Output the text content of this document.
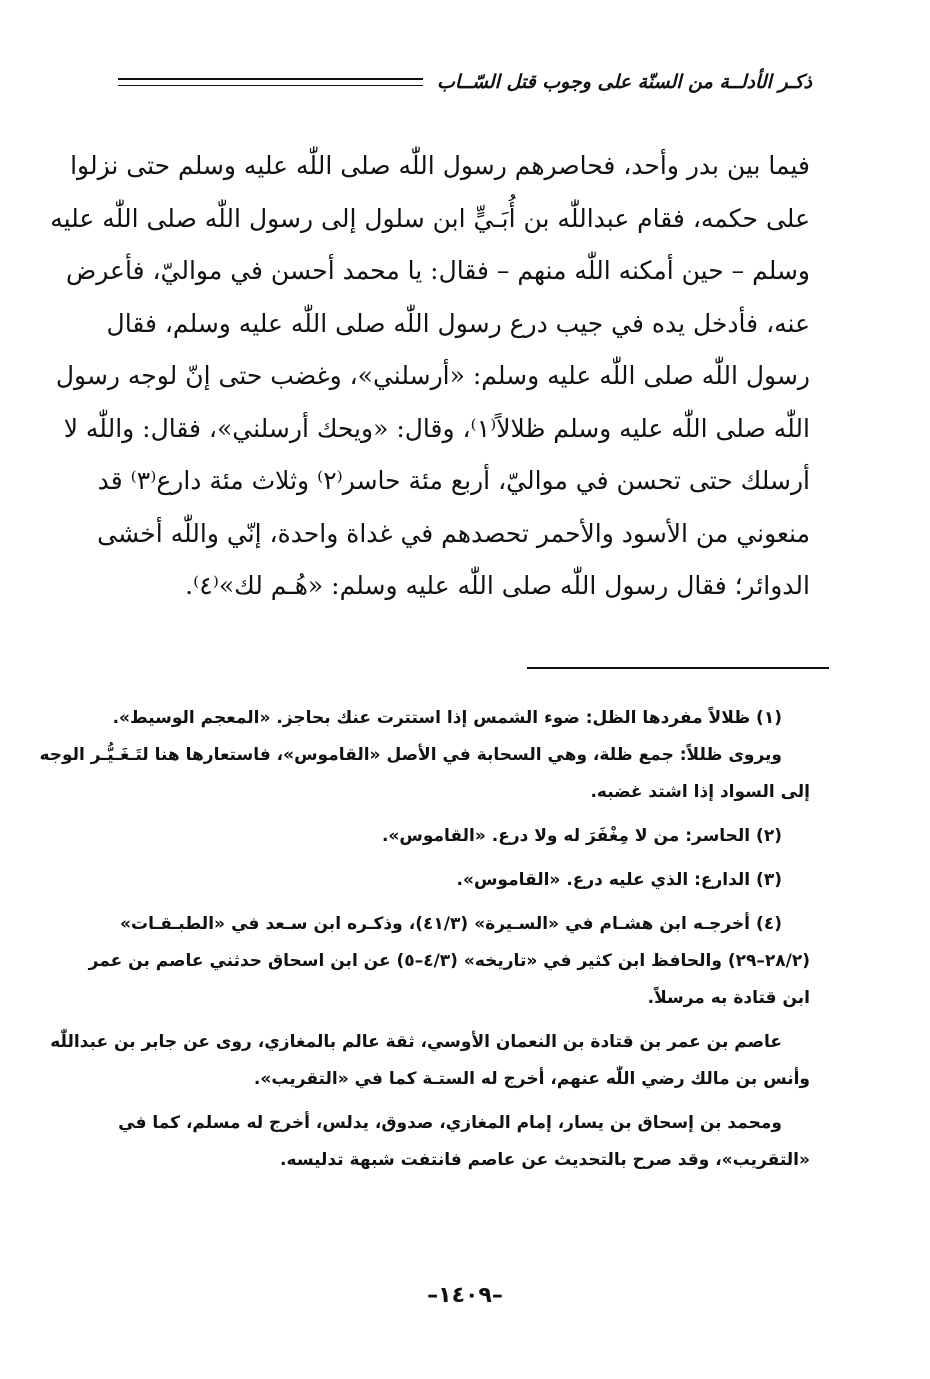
ذكـر الأدلــة من السنّة على وجوب قتل السّــاب
فيما بين بدر وأحد، فحاصرهم رسول اللّٰه صلى اللّٰه عليه وسلم حتى نزلوا
على حكمه، فقام عبداللّٰه بن أُبَـيٍّ ابن سلول إلى رسول اللّٰه صلى اللّٰه عليه
وسلم – حين أمكنه اللّٰه منهم – فقال: يا محمد أحسن في مواليّ، فأعرض
عنه، فأدخل يده في جيب درع رسول اللّٰه صلى اللّٰه عليه وسلم، فقال
رسول اللّٰه صلى اللّٰه عليه وسلم: «أرسلني»، وغضب حتى إنّ لوجه رسول
اللّٰه صلى اللّٰه عليه وسلم ظلالاً⁽١⁾، وقال: «ويحك أرسلني»، فقال: واللّٰه لا
أرسلك حتى تحسن في مواليّ، أربع مئة حاسر⁽٢⁾ وثلاث مئة دارع⁽٣⁾ قد
منعوني من الأسود والأحمر تحصدهم في غداة واحدة، إنّي واللّٰه أخشى
الدوائر؛ فقال رسول اللّٰه صلى اللّٰه عليه وسلم: «هُـم لك»⁽٤⁾.
(١) ظلالاً مفردها الظل: ضوء الشمس إذا استترت عنك بحاجز. «المعجم الوسيط».
ويروى ظللاً: جمع ظلة، وهي السحابة في الأصل «القاموس»، فاستعارها هنا لتَـغَـيُّـر الوجه
إلى السواد إذا اشتد غضبه.
(٢) الحاسر: من لا مِغْفَرَ له ولا درع. «القاموس».
(٣) الدارع: الذي عليه درع. «القاموس».
(٤) أخرجـه ابن هشـام في «السـيرة» (٤١/٣)، وذكـره ابن سـعد في «الطبـقـات»
(٢٨/٢–٢٩) والحافظ ابن كثير في «تاريخه» (٤/٣–٥) عن ابن اسحاق حدثني عاصم بن عمر
ابن قتادة به مرسلاً.
عاصم بن عمر بن قتادة بن النعمان الأوسي، ثقة عالم بالمغازي، روى عن جابر بن عبداللّٰه
وأنس بن مالك رضي اللّٰه عنهم، أخرج له الستـة كما في «التقريب».
ومحمد بن إسحاق بن يسار، إمام المغازي، صدوق، يدلس، أخرج له مسلم، كما في
«التقريب»، وقد صرح بالتحديث عن عاصم فانتفت شبهة تدليسه.
–١٤٠٩–
